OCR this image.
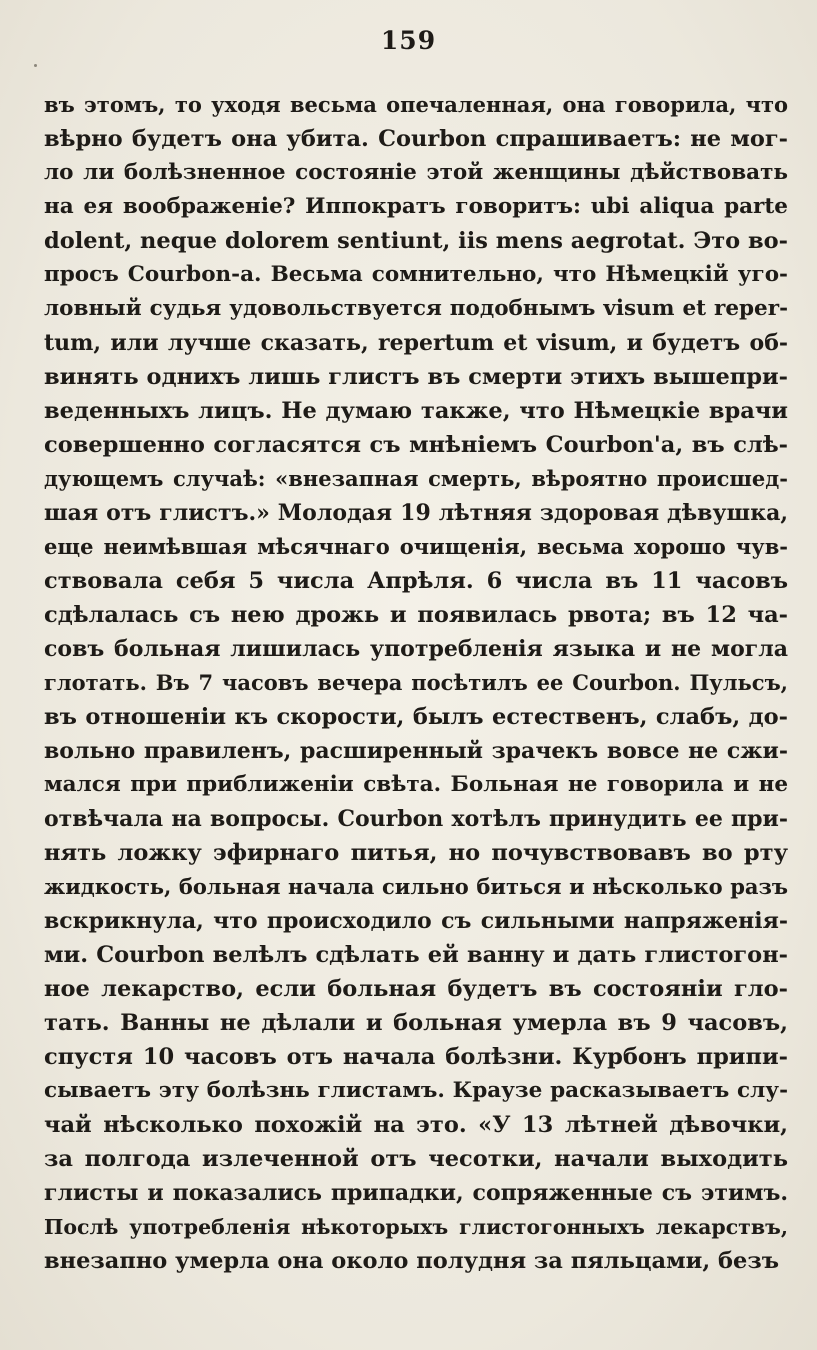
159
въ этомъ, то уходя весьма опечаленная, она говорила, что
вѣрно будетъ она убита. Courbon спрашиваетъ: не мог-
ло ли болѣзненное состояніе этой женщины дѣйствовать
на ея воображеніе? Иппократъ говоритъ: ubi aliqua parte
dolent, neque dolorem sentiunt, iis mens aegrotat. Это во-
просъ Courbon-а. Весьма сомнительно, что Нѣмецкій уго-
ловный судья удовольствуется подобнымъ visum et reper-
tum, или лучше сказать, repertum et visum, и будетъ об-
винять однихъ лишь глистъ въ смерти этихъ вышепри-
веденныхъ лицъ. Не думаю также, что Нѣмецкіе врачи
совершенно согласятся съ мнѣніемъ Courbon'а, въ слѣ-
дующемъ случаѣ: «внезапная смерть, вѣроятно происшед-
шая отъ глистъ.» Молодая 19 лѣтняя здоровая дѣвушка,
еще неимѣвшая мѣсячнаго очищенія, весьма хорошо чув-
ствовала себя 5 числа Апрѣля. 6 числа въ 11 часовъ
сдѣлалась съ нею дрожь и появилась рвота; въ 12 ча-
совъ больная лишилась употребленія языка и не могла
глотать. Въ 7 часовъ вечера посѣтилъ ее Courbon. Пульсъ,
въ отношеніи къ скорости, былъ естественъ, слабъ, до-
вольно правиленъ, расширенный зрачекъ вовсе не сжи-
мался при приближеніи свѣта. Больная не говорила и не
отвѣчала на вопросы. Courbon хотѣлъ принудить ее при-
нять ложку эфирнаго питья, но почувствовавъ во рту
жидкость, больная начала сильно биться и нѣсколько разъ
вскрикнула, что происходило съ сильными напряженія-
ми. Courbon велѣлъ сдѣлать ей ванну и дать глистогон-
ное лекарство, если больная будетъ въ состояніи гло-
тать. Ванны не дѣлали и больная умерла въ 9 часовъ,
спустя 10 часовъ отъ начала болѣзни. Курбонъ припи-
сываетъ эту болѣзнь глистамъ. Краузе расказываетъ слу-
чай нѣсколько похожій на это. «У 13 лѣтней дѣвочки,
за полгода излеченной отъ чесотки, начали выходить
глисты и показались припадки, сопряженные съ этимъ.
Послѣ употребленія нѣкоторыхъ глистогонныхъ лекарствъ,
внезапно умерла она около полудня за пяльцами, безъ
